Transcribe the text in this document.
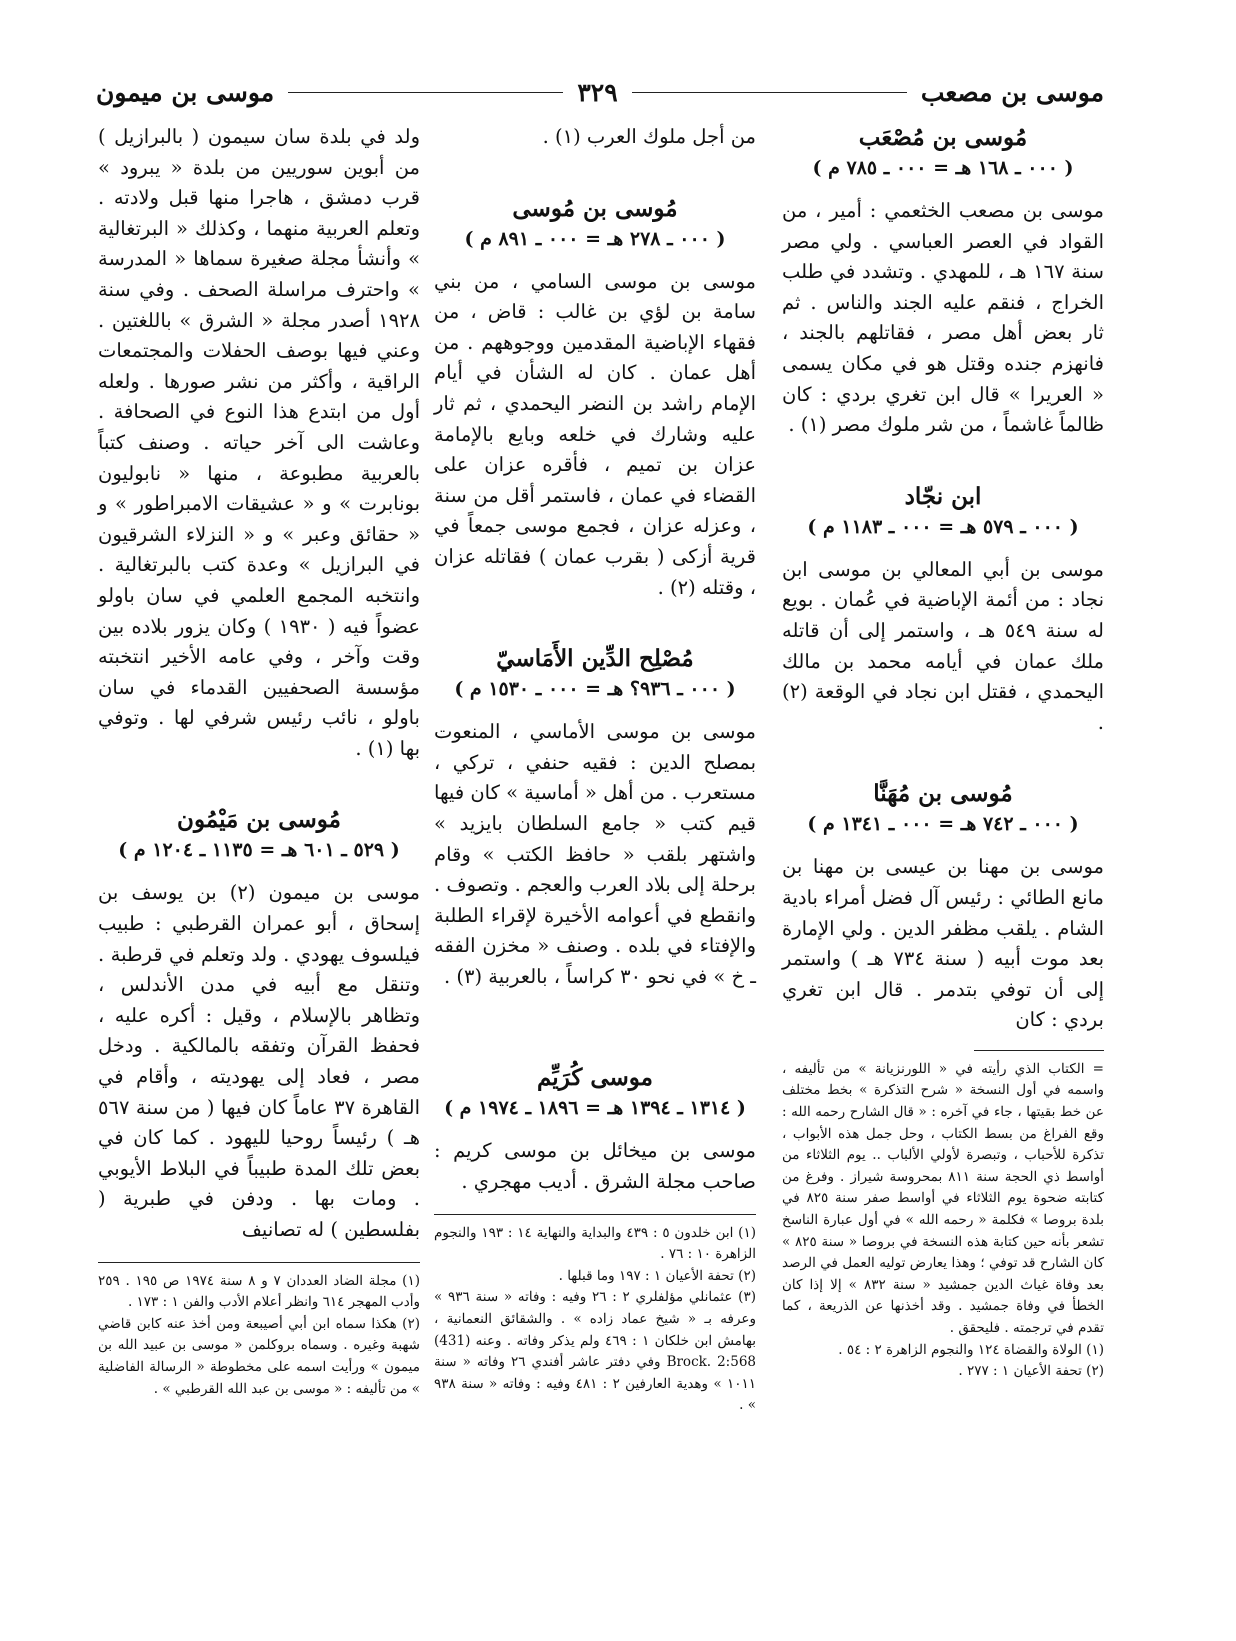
موسى بن مصعب
٣٢٩
موسى بن ميمون

مُوسى بن مُصْعَب

( ٠٠٠ ـ ١٦٨ هـ = ٠٠٠ ـ ٧٨٥ م )

موسى بن مصعب الخثعمي : أمير ، من القواد في العصر العباسي . ولي مصر سنة ١٦٧ هـ ، للمهدي . وتشدد في طلب الخراج ، فنقم عليه الجند والناس . ثم ثار بعض أهل مصر ، فقاتلهم بالجند ، فانهزم جنده وقتل هو في مكان يسمى « العريرا » قال ابن تغري بردي : كان ظالماً غاشماً ، من شر ملوك مصر (١) .

ابن نجّاد

( ٠٠٠ ـ ٥٧٩ هـ = ٠٠٠ ـ ١١٨٣ م )

موسى بن أبي المعالي بن موسى ابن نجاد : من أئمة الإباضية في عُمان . بويع له سنة ٥٤٩ هـ ، واستمر إلى أن قاتله ملك عمان في أيامه محمد بن مالك اليحمدي ، فقتل ابن نجاد في الوقعة (٢) .

مُوسى بن مُهَنَّا

( ٠٠٠ ـ ٧٤٢ هـ = ٠٠٠ ـ ١٣٤١ م )

موسى بن مهنا بن عيسى بن مهنا بن مانع الطائي : رئيس آل فضل أمراء بادية الشام . يلقب مظفر الدين . ولي الإمارة بعد موت أبيه ( سنة ٧٣٤ هـ ) واستمر إلى أن توفي بتدمر . قال ابن تغري بردي : كان

= الكتاب الذي رأيته في « اللورنزيانة » من تأليفه ، واسمه في أول النسخة « شرح التذكرة » بخط مختلف عن خط بقيتها ، جاء في آخره : « قال الشارح رحمه الله : وقع الفراغ من بسط الكتاب ، وحل جمل هذه الأبواب ، تذكرة للأحباب ، وتبصرة لأولي الألباب .. يوم الثلاثاء من أواسط ذي الحجة سنة ٨١١ بمحروسة شيراز . وفرغ من كتابته ضحوة يوم الثلاثاء في أواسط صفر سنة ٨٢٥ في بلدة بروصا » فكلمة « رحمه الله » في أول عبارة الناسخ تشعر بأنه حين كتابة هذه النسخة في بروصا « سنة ٨٢٥ » كان الشارح قد توفي ؛ وهذا يعارض توليه العمل في الرصد بعد وفاة غياث الدين جمشيد « سنة ٨٣٢ » إلا إذا كان الخطأ في وفاة جمشيد . وقد أخذنها عن الذريعة ، كما تقدم في ترجمته . فليحقق .

(١) الولاة والقضاة ١٢٤ والنجوم الزاهرة ٢ : ٥٤ .

(٢) تحفة الأعيان ١ : ٢٧٧ .

من أجل ملوك العرب (١) .

مُوسى بن مُوسى

( ٠٠٠ ـ ٢٧٨ هـ = ٠٠٠ ـ ٨٩١ م )

موسى بن موسى السامي ، من بني سامة بن لؤي بن غالب : قاض ، من فقهاء الإباضية المقدمين ووجوههم . من أهل عمان . كان له الشأن في أيام الإمام راشد بن النضر اليحمدي ، ثم ثار عليه وشارك في خلعه وبايع بالإمامة عزان بن تميم ، فأقره عزان على القضاء في عمان ، فاستمر أقل من سنة ، وعزله عزان ، فجمع موسى جمعاً في قرية أزكى ( بقرب عمان ) فقاتله عزان ، وقتله (٢) .

مُصْلِح الدِّين الأَمَاسيّ

( ٠٠٠ ـ ٩٣٦؟ هـ = ٠٠٠ ـ ١٥٣٠ م )

موسى بن موسى الأماسي ، المنعوت بمصلح الدين : فقيه حنفي ، تركي ، مستعرب . من أهل « أماسية » كان فيها قيم كتب « جامع السلطان بايزيد » واشتهر بلقب « حافظ الكتب » وقام برحلة إلى بلاد العرب والعجم . وتصوف . وانقطع في أعوامه الأخيرة لإقراء الطلبة والإفتاء في بلده . وصنف « مخزن الفقه ـ خ » في نحو ٣٠ كراساً ، بالعربية (٣) .

موسى كُرَيِّم

( ١٣١٤ ـ ١٣٩٤ هـ = ١٨٩٦ ـ ١٩٧٤ م )

موسى بن ميخائل بن موسى كريم : صاحب مجلة الشرق . أديب مهجري .

(١) ابن خلدون ٥ : ٤٣٩ والبداية والنهاية ١٤ : ١٩٣ والنجوم الزاهرة ١٠ : ٧٦ .

(٢) تحفة الأعيان ١ : ١٩٧ وما قبلها .

(٣) عثمانلي مؤلفلري ٢ : ٢٦ وفيه : وفاته « سنة ٩٣٦ » وعرفه بـ « شيخ عماد زاده » . والشقائق النعمانية ، بهامش ابن خلكان ١ : ٤٦٩ ولم يذكر وفاته . وعنه (431) Brock. 2:568 وفي دفتر عاشر أفندي ٢٦ وفاته « سنة ١٠١١ » وهدية العارفين ٢ : ٤٨١ وفيه : وفاته « سنة ٩٣٨ » .

ولد في بلدة سان سيمون ( بالبرازيل ) من أبوين سوريين من بلدة « يبرود » قرب دمشق ، هاجرا منها قبل ولادته . وتعلم العربية منهما ، وكذلك « البرتغالية » وأنشأ مجلة صغيرة سماها « المدرسة » واحترف مراسلة الصحف . وفي سنة ١٩٢٨ أصدر مجلة « الشرق » باللغتين . وعني فيها بوصف الحفلات والمجتمعات الراقية ، وأكثر من نشر صورها . ولعله أول من ابتدع هذا النوع في الصحافة . وعاشت الى آخر حياته . وصنف كتباً بالعربية مطبوعة ، منها « نابوليون بونابرت » و « عشيقات الامبراطور » و « حقائق وعبر » و « النزلاء الشرقيون في البرازيل » وعدة كتب بالبرتغالية . وانتخبه المجمع العلمي في سان باولو عضواً فيه ( ١٩٣٠ ) وكان يزور بلاده بين وقت وآخر ، وفي عامه الأخير انتخبته مؤسسة الصحفيين القدماء في سان باولو ، نائب رئيس شرفي لها . وتوفي بها (١) .

مُوسى بن مَيْمُون

( ٥٢٩ ـ ٦٠١ هـ = ١١٣٥ ـ ١٢٠٤ م )

موسى بن ميمون (٢) بن يوسف بن إسحاق ، أبو عمران القرطبي : طبيب فيلسوف يهودي . ولد وتعلم في قرطبة . وتنقل مع أبيه في مدن الأندلس ، وتظاهر بالإسلام ، وقيل : أكره عليه ، فحفظ القرآن وتفقه بالمالكية . ودخل مصر ، فعاد إلى يهوديته ، وأقام في القاهرة ٣٧ عاماً كان فيها ( من سنة ٥٦٧ هـ ) رئيساً روحيا لليهود . كما كان في بعض تلك المدة طبيباً في البلاط الأيوبي . ومات بها . ودفن في طبرية ( بفلسطين ) له تصانيف

(١) مجلة الضاد العددان ٧ و ٨ سنة ١٩٧٤ ص ١٩٥ . ٢٥٩ وأدب المهجر ٦١٤ وانظر أعلام الأدب والفن ١ : ١٧٣ .

(٢) هكذا سماه ابن أبي أصيبعة ومن أخذ عنه كابن قاضي شهبة وغيره . وسماه بروكلمن « موسى بن عبيد الله بن ميمون » ورأيت اسمه على مخطوطة « الرسالة الفاضلية » من تأليفه : « موسى بن عبد الله القرطبي » .
